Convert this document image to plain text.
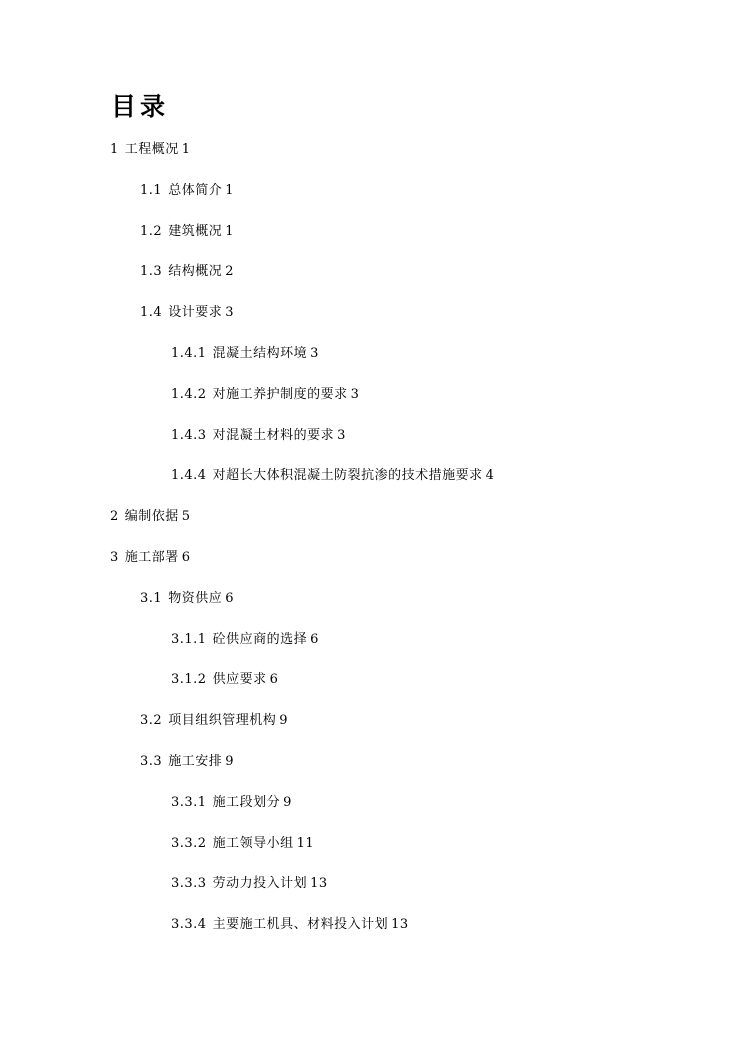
目录
1 工程概况 1
1.1 总体简介 1
1.2 建筑概况 1
1.3 结构概况 2
1.4 设计要求 3
1.4.1 混凝土结构环境 3
1.4.2 对施工养护制度的要求 3
1.4.3 对混凝土材料的要求 3
1.4.4 对超长大体积混凝土防裂抗渗的技术措施要求 4
2 编制依据 5
3 施工部署 6
3.1 物资供应 6
3.1.1 砼供应商的选择 6
3.1.2 供应要求 6
3.2 项目组织管理机构 9
3.3 施工安排 9
3.3.1 施工段划分 9
3.3.2 施工领导小组 11
3.3.3 劳动力投入计划 13
3.3.4 主要施工机具、材料投入计划 13
